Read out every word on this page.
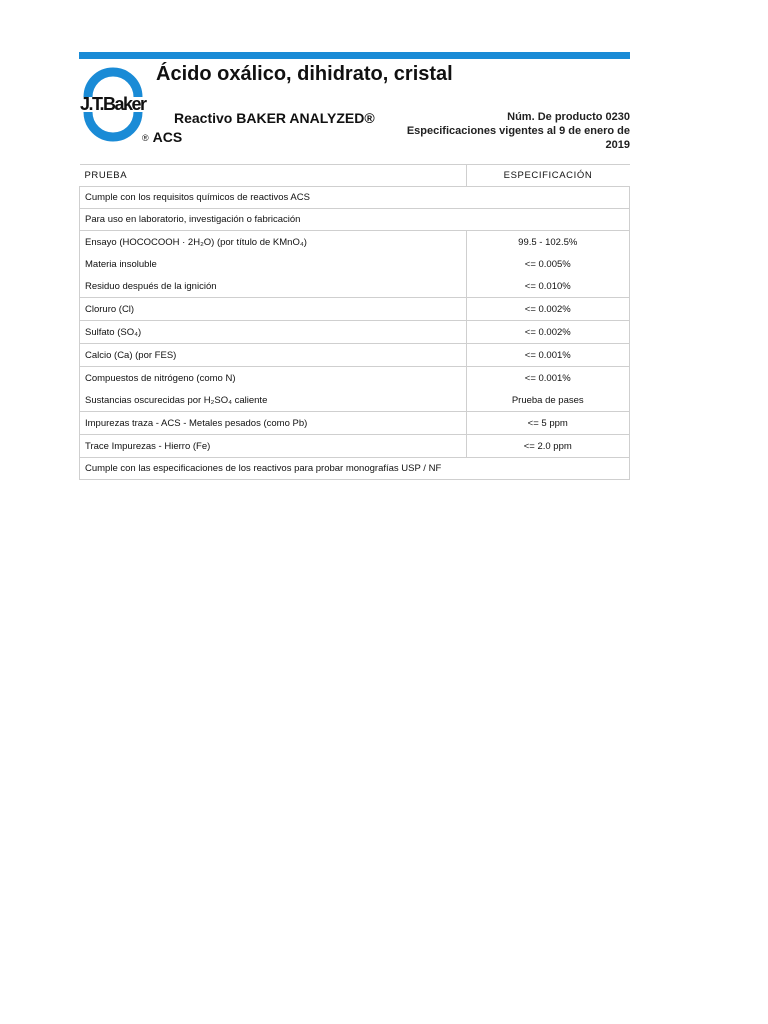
J.T.Baker
Ácido oxálico, dihidrato, cristal
Reactivo BAKER ANALYZED®
® ACS
Núm. De producto 0230
Especificaciones vigentes al 9 de enero de 2019
PRUEBA	ESPECIFICACIÓN
Cumple con los requisitos químicos de reactivos ACS	
Para uso en laboratorio, investigación o fabricación	
Ensayo (HOCOCOOH · 2H₂O) (por título de KMnO₄)	99.5 - 102.5%
Materia insoluble	<= 0.005%
Residuo después de la ignición	<= 0.010%
Cloruro (Cl)	<= 0.002%
Sulfato (SO₄)	<= 0.002%
Calcio (Ca) (por FES)	<= 0.001%
Compuestos de nitrógeno (como N)	<= 0.001%
Sustancias oscurecidas por H₂SO₄ caliente	Prueba de pases
Impurezas traza - ACS - Metales pesados (como Pb)	<= 5 ppm
Trace Impurezas - Hierro (Fe)	<= 2.0 ppm
Cumple con las especificaciones de los reactivos para probar monografías USP / NF	
